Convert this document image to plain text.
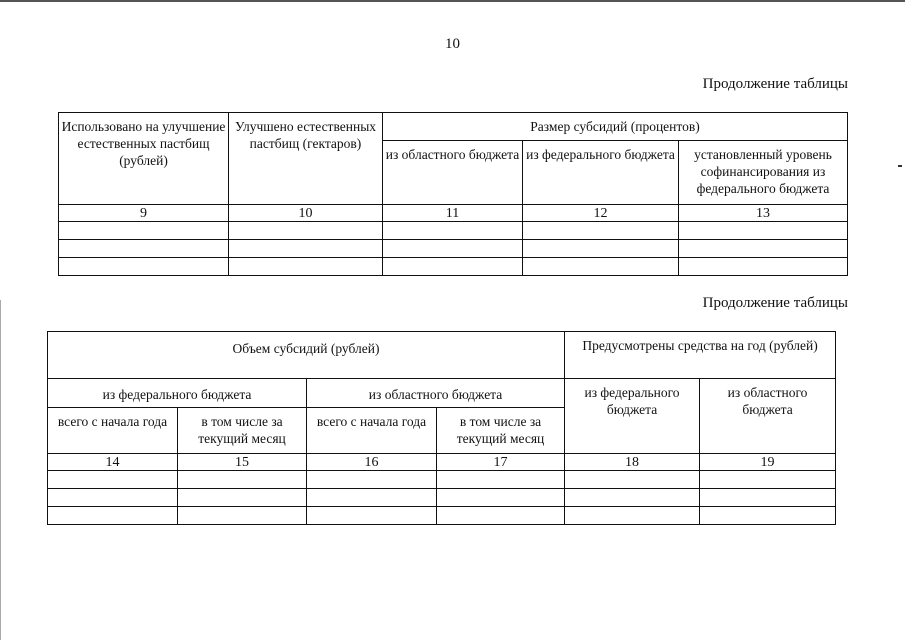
10
Продолжение таблицы
Использовано на улучшение естественных пастбищ (рублей)	Улучшено естественных пастбищ (гектаров)	Размер субсидий (процентов)		
		из областного бюджета	из федерального бюджета	установленный уровень софинансирования из федерального бюджета
9	10	11	12	13

Продолжение таблицы
Объем субсидий (рублей)				Предусмотрены средства на год (рублей)	
из федерального бюджета		из областного бюджета		из федерального бюджета	из областного бюджета
всего с начала года	в том числе за текущий месяц	всего с начала года	в том числе за текущий месяц		
14	15	16	17	18	19
